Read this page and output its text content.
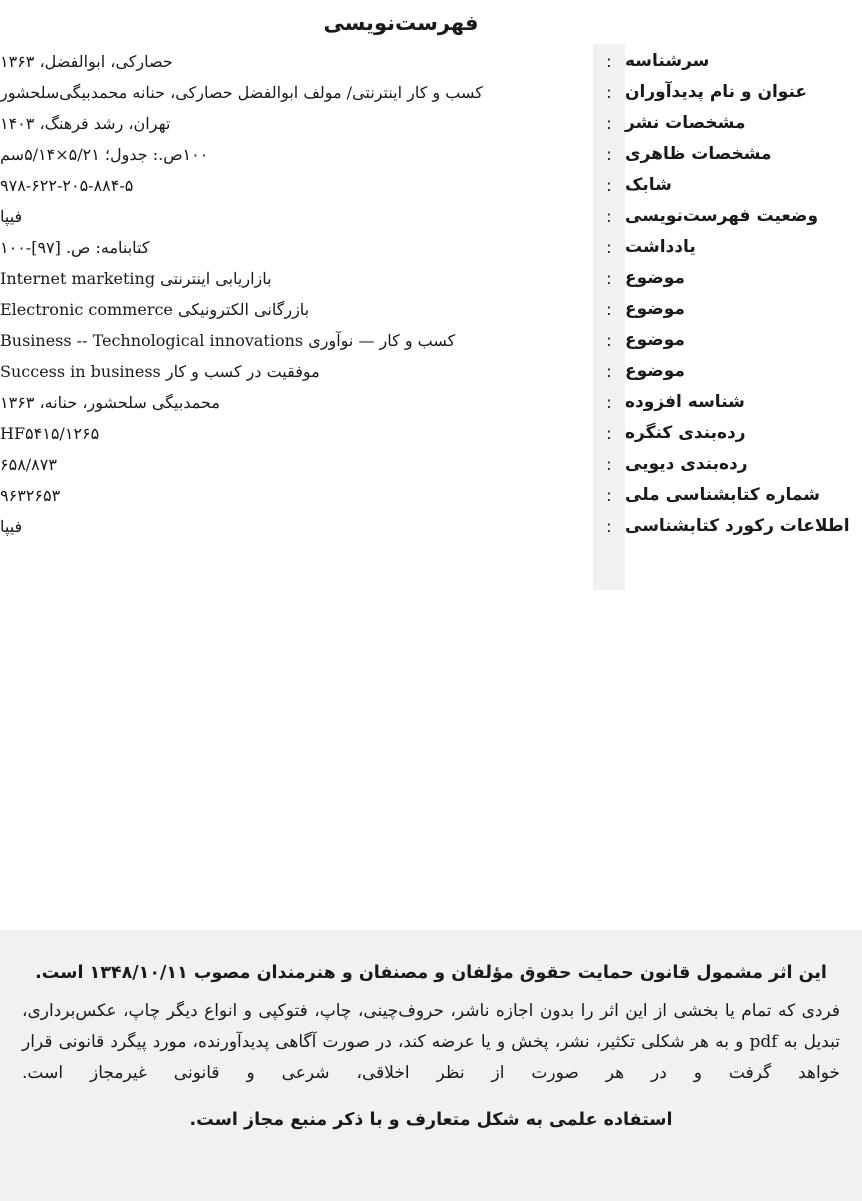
فهرست‌نویسی
سرشناسه	:	حصارکی، ابوالفضل، ۱۳۶۳
عنوان و نام پدیدآوران	:	کسب و کار اینترنتی/ مولف ابوالفضل حصارکی، حنانه محمدبیگی‌سلحشور
مشخصات نشر	:	تهران، رشد فرهنگ، ۱۴۰۳
مشخصات ظاهری	:	۱۰۰ص.: جدول؛ ۵/۲۱×۵/۱۴سم
شابک	:	۹۷۸-۶۲۲-۲۰۵-۸۸۴-۵
وضعیت فهرست‌نویسی	:	فیپا
یادداشت	:	کتابنامه: ص. [۹۷]-۱۰۰
موضوع	:	بازاریابی اینترنتی Internet marketing
موضوع	:	بازرگانی الکترونیکی Electronic commerce
موضوع	:	کسب و کار — نوآوری Business -- Technological innovations
موضوع	:	موفقیت در کسب و کار Success in business
شناسه افزوده	:	محمدبیگی سلحشور، حنانه، ۱۳۶۳
رده‌بندی کنگره	:	HF۵۴۱۵/۱۲۶۵
رده‌بندی دیویی	:	۶۵۸/۸۷۳
شماره کتابشناسی ملی	:	۹۶۳۲۶۵۳
اطلاعات رکورد کتابشناسی	:	فیپا
این اثر مشمول قانون حمایت حقوق مؤلفان و مصنفان و هنرمندان مصوب ۱۳۴۸/۱۰/۱۱ است.

فردی که تمام یا بخشی از این اثر را بدون اجازه ناشر، حروف‌چینی، چاپ، فتوکپی و انواع دیگر چاپ، عکس‌برداری، تبدیل به pdf و به هر شکلی تکثیر، نشر، پخش و یا عرضه کند، در صورت آگاهی پدیدآورنده، مورد پیگرد قانونی قرار خواهد گرفت و در هر صورت از نظر اخلاقی، شرعی و قانونی غیرمجاز است.

استفاده علمی به شکل متعارف و با ذکر منبع مجاز است.
